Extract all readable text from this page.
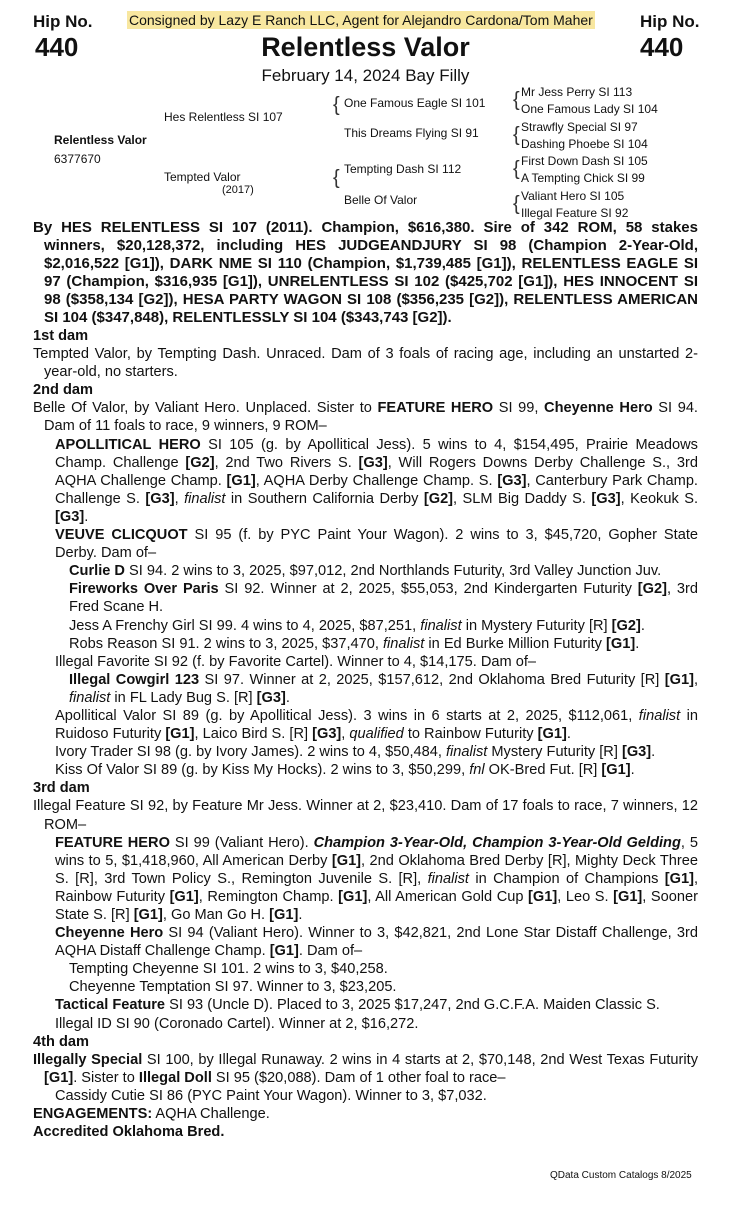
Hip No.
440
Hip No.
440
Consigned by Lazy E Ranch LLC, Agent for Alejandro Cardona/Tom Maher
Relentless Valor
February 14, 2024 Bay Filly
Relentless Valor
6377670
Hes Relentless SI 107
Tempted Valor
(2017)
{ One Famous Eagle SI 101
This Dreams Flying SI 91
{ Tempting Dash SI 112
Belle Of Valor
{ Mr Jess Perry SI 113
One Famous Lady SI 104
{ Strawfly Special SI 97
Dashing Phoebe SI 104
{ First Down Dash SI 105
A Tempting Chick SI 99
{ Valiant Hero SI 105
Illegal Feature SI 92

By HES RELENTLESS SI 107 (2011). Champion, $616,380. Sire of 342 ROM, 58 stakes winners, $20,128,372, including HES JUDGEANDJURY SI 98 (Champion 2-Year-Old, $2,016,522 [G1]), DARK NME SI 110 (Champion, $1,739,485 [G1]), RELENTLESS EAGLE SI 97 (Champion, $316,935 [G1]), UNRELENTLESS SI 102 ($425,702 [G1]), HES INNOCENT SI 98 ($358,134 [G2]), HESA PARTY WAGON SI 108 ($356,235 [G2]), RELENTLESS AMERICAN SI 104 ($347,848), RELENTLESSLY SI 104 ($343,743 [G2]).

1st dam

Tempted Valor, by Tempting Dash. Unraced. Dam of 3 foals of racing age, including an unstarted 2-year-old, no starters.

2nd dam

Belle Of Valor, by Valiant Hero. Unplaced. Sister to FEATURE HERO SI 99, Cheyenne Hero SI 94. Dam of 11 foals to race, 9 winners, 9 ROM–

APOLLITICAL HERO SI 105 (g. by Apollitical Jess). 5 wins to 4, $154,495, Prairie Meadows Champ. Challenge [G2], 2nd Two Rivers S. [G3], Will Rogers Downs Derby Challenge S., 3rd AQHA Challenge Champ. [G1], AQHA Derby Challenge Champ. S. [G3], Canterbury Park Champ. Challenge S. [G3], finalist in Southern California Derby [G2], SLM Big Daddy S. [G3], Keokuk S. [G3].

VEUVE CLICQUOT SI 95 (f. by PYC Paint Your Wagon). 2 wins to 3, $45,720, Gopher State Derby. Dam of–

Curlie D SI 94. 2 wins to 3, 2025, $97,012, 2nd Northlands Futurity, 3rd Valley Junction Juv.

Fireworks Over Paris SI 92. Winner at 2, 2025, $55,053, 2nd Kindergarten Futurity [G2], 3rd Fred Scane H.

Jess A Frenchy Girl SI 99. 4 wins to 4, 2025, $87,251, finalist in Mystery Futurity [R] [G2].

Robs Reason SI 91. 2 wins to 3, 2025, $37,470, finalist in Ed Burke Million Futurity [G1].

Illegal Favorite SI 92 (f. by Favorite Cartel). Winner to 4, $14,175. Dam of–

Illegal Cowgirl 123 SI 97. Winner at 2, 2025, $157,612, 2nd Oklahoma Bred Futurity [R] [G1], finalist in FL Lady Bug S. [R] [G3].

Apollitical Valor SI 89 (g. by Apollitical Jess). 3 wins in 6 starts at 2, 2025, $112,061, finalist in Ruidoso Futurity [G1], Laico Bird S. [R] [G3], qualified to Rainbow Futurity [G1].

Ivory Trader SI 98 (g. by Ivory James). 2 wins to 4, $50,484, finalist Mystery Futurity [R] [G3].

Kiss Of Valor SI 89 (g. by Kiss My Hocks). 2 wins to 3, $50,299, fnl OK-Bred Fut. [R] [G1].

3rd dam

Illegal Feature SI 92, by Feature Mr Jess. Winner at 2, $23,410. Dam of 17 foals to race, 7 winners, 12 ROM–

FEATURE HERO SI 99 (Valiant Hero). Champion 3-Year-Old, Champion 3-Year-Old Gelding, 5 wins to 5, $1,418,960, All American Derby [G1], 2nd Oklahoma Bred Derby [R], Mighty Deck Three S. [R], 3rd Town Policy S., Remington Juvenile S. [R], finalist in Champion of Champions [G1], Rainbow Futurity [G1], Remington Champ. [G1], All American Gold Cup [G1], Leo S. [G1], Sooner State S. [R] [G1], Go Man Go H. [G1].

Cheyenne Hero SI 94 (Valiant Hero). Winner to 3, $42,821, 2nd Lone Star Distaff Challenge, 3rd AQHA Distaff Challenge Champ. [G1]. Dam of–

Tempting Cheyenne SI 101. 2 wins to 3, $40,258.

Cheyenne Temptation SI 97. Winner to 3, $23,205.

Tactical Feature SI 93 (Uncle D). Placed to 3, 2025 $17,247, 2nd G.C.F.A. Maiden Classic S.

Illegal ID SI 90 (Coronado Cartel). Winner at 2, $16,272.

4th dam

Illegally Special SI 100, by Illegal Runaway. 2 wins in 4 starts at 2, $70,148, 2nd West Texas Futurity [G1]. Sister to Illegal Doll SI 95 ($20,088). Dam of 1 other foal to race–

Cassidy Cutie SI 86 (PYC Paint Your Wagon). Winner to 3, $7,032.

ENGAGEMENTS: AQHA Challenge.

Accredited Oklahoma Bred.

QData Custom Catalogs 8/2025
